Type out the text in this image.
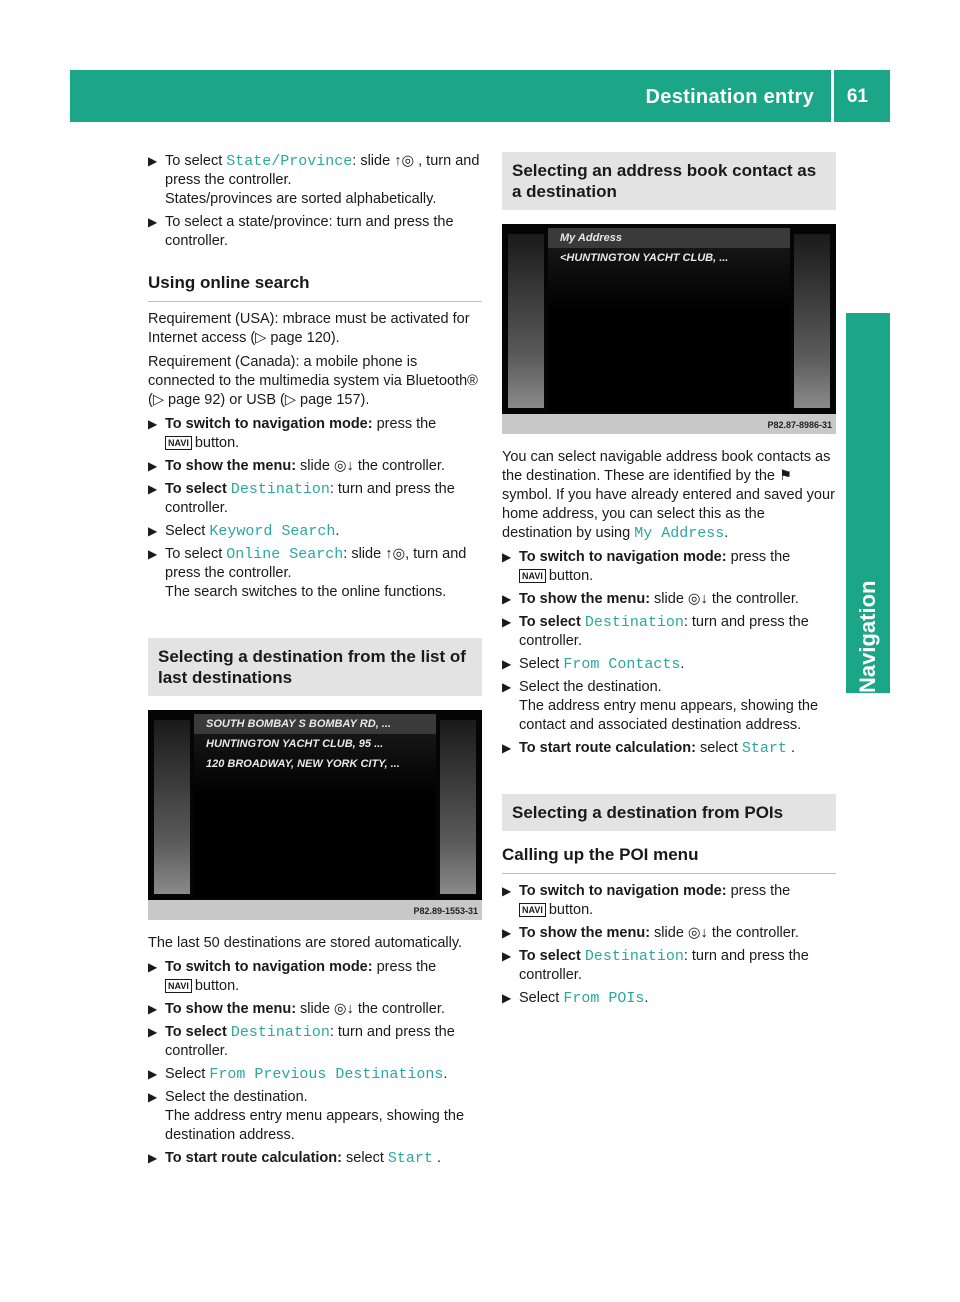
Destination entry 61
Navigation
▶ To select State/Province: slide ↑◎ , turn and press the controller.
States/provinces are sorted alphabetically.
▶ To select a state/province: turn and press the controller.
Using online search
Requirement (USA): mbrace must be activated for Internet access (▷ page 120).
Requirement (Canada): a mobile phone is connected to the multimedia system via Bluetooth® (▷ page 92) or USB (▷ page 157).
▶ To switch to navigation mode: press the
NAVI button.
▶ To show the menu: slide ◎↓ the controller.
▶ To select Destination: turn and press the controller.
▶ Select Keyword Search.
▶ To select Online Search: slide ↑◎, turn and press the controller.
The search switches to the online functions.
Selecting a destination from the list of last destinations
SOUTH BOMBAY S BOMBAY RD, ...
HUNTINGTON YACHT CLUB, 95 ...
120 BROADWAY, NEW YORK CITY, ...
P82.89-1553-31
The last 50 destinations are stored automatically.
▶ To switch to navigation mode: press the
NAVI button.
▶ To show the menu: slide ◎↓ the controller.
▶ To select Destination: turn and press the controller.
▶ Select From Previous Destinations.
▶ Select the destination.
The address entry menu appears, showing the destination address.
▶ To start route calculation: select Start .
Selecting an address book contact as a destination
My Address
<HUNTINGTON YACHT CLUB, ...
P82.87-8986-31
You can select navigable address book contacts as the destination. These are identified by the ⚑ symbol. If you have already entered and saved your home address, you can select this as the destination by using My Address.
▶ To switch to navigation mode: press the
NAVI button.
▶ To show the menu: slide ◎↓ the controller.
▶ To select Destination: turn and press the controller.
▶ Select From Contacts.
▶ Select the destination.
The address entry menu appears, showing the contact and associated destination address.
▶ To start route calculation: select Start .
Selecting a destination from POIs
Calling up the POI menu
▶ To switch to navigation mode: press the
NAVI button.
▶ To show the menu: slide ◎↓ the controller.
▶ To select Destination: turn and press the controller.
▶ Select From POIs.
